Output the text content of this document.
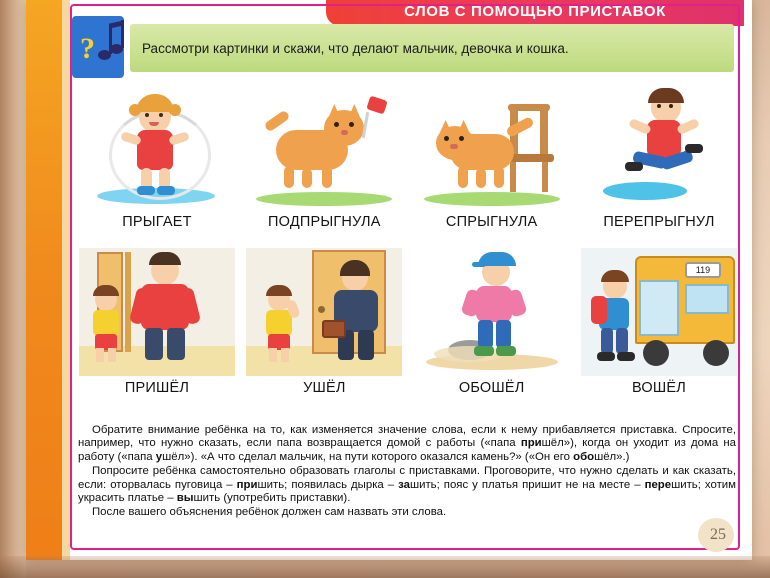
СЛОВ С ПОМОЩЬЮ ПРИСТАВОК
?	Рассмотри картинки и скажи, что делают мальчик, девочка и кошка.
ПРЫГАЕТ	ПОДПРЫГНУЛА	СПРЫГНУЛА	ПЕРЕПРЫГНУЛ
ПРИШЁЛ	УШЁЛ	ОБОШЁЛ
119
ВОШЁЛ

Обратите внимание ребёнка на то, как изменяется значение слова, если к нему прибавляется приставка. Спросите, например, что нужно сказать, если папа возвращается домой с работы («папа пришёл»), когда он уходит из дома на работу («папа ушёл»). «А что сделал мальчик, на пути которого оказался камень?» («Он его обошёл».)

Попросите ребёнка самостоятельно образовать глаголы с приставками. Проговорите, что нужно сделать и как сказать, если: оторвалась пуговица – пришить; появилась дырка – зашить; пояс у платья пришит не на месте – перешить; хотим украсить платье – вышить (употребить приставки).

После вашего объяснения ребёнок должен сам назвать эти слова.

25
